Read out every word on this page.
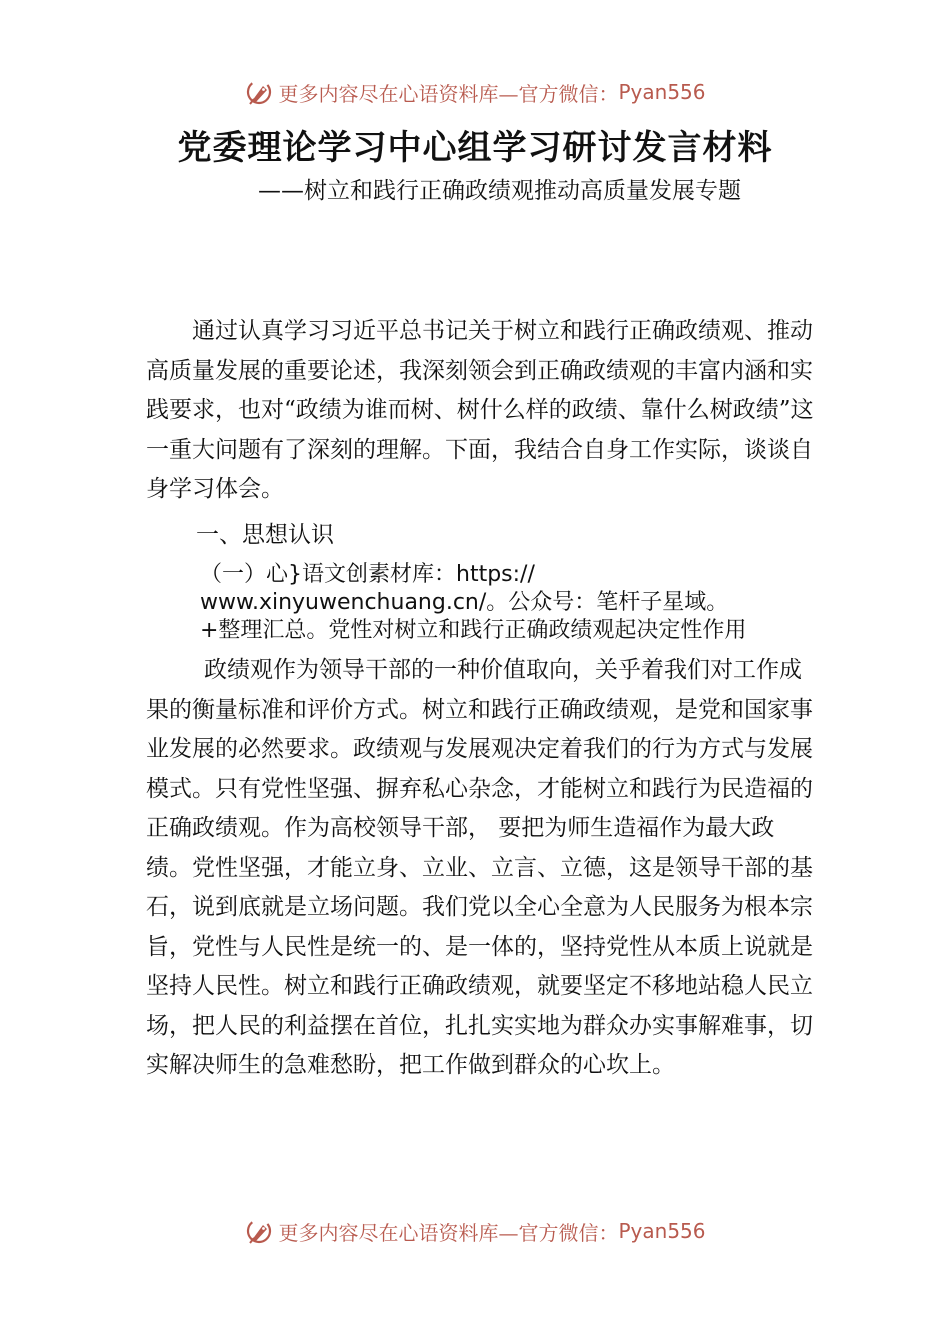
更多内容尽在心语资料库—官方微信： Pyan556
党委理论学习中心组学习研讨发言材料

——树立和践行正确政绩观推动高质量发展专题

通过认真学习习近平总书记关于树立和践行正确政绩观、推动高质量发展的重要论述，我深刻领会到正确政绩观的丰富内涵和实践要求，也对“政绩为谁而树、树什么样的政绩、靠什么树政绩”这一重大问题有了深刻的理解。下面，我结合自身工作实际，谈谈自身学习体会。

一、思想认识

（一）心}语文创素材库：https:// www.xinyuwenchuang.cn/。公众号：笔杆子星域。+整理汇总。党性对树立和践行正确政绩观起决定性作用

政绩观作为领导干部的一种价值取向，关乎着我们对工作成果的衡量标准和评价方式。树立和践行正确政绩观，是党和国家事业发展的必然要求。政绩观与发展观决定着我们的行为方式与发展模式。只有党性坚强、摒弃私心杂念，才能树立和践行为民造福的正确政绩观。作为高校领导干部， 要把为师生造福作为最大政绩。党性坚强，才能立身、立业、立言、立德，这是领导干部的基石，说到底就是立场问题。我们党以全心全意为人民服务为根本宗旨，党性与人民性是统一的、是一体的，坚持党性从本质上说就是坚持人民性。树立和践行正确政绩观，就要坚定不移地站稳人民立场，把人民的利益摆在首位，扎扎实实地为群众办实事解难事，切实解决师生的急难愁盼，把工作做到群众的心坎上。

更多内容尽在心语资料库—官方微信： Pyan556
